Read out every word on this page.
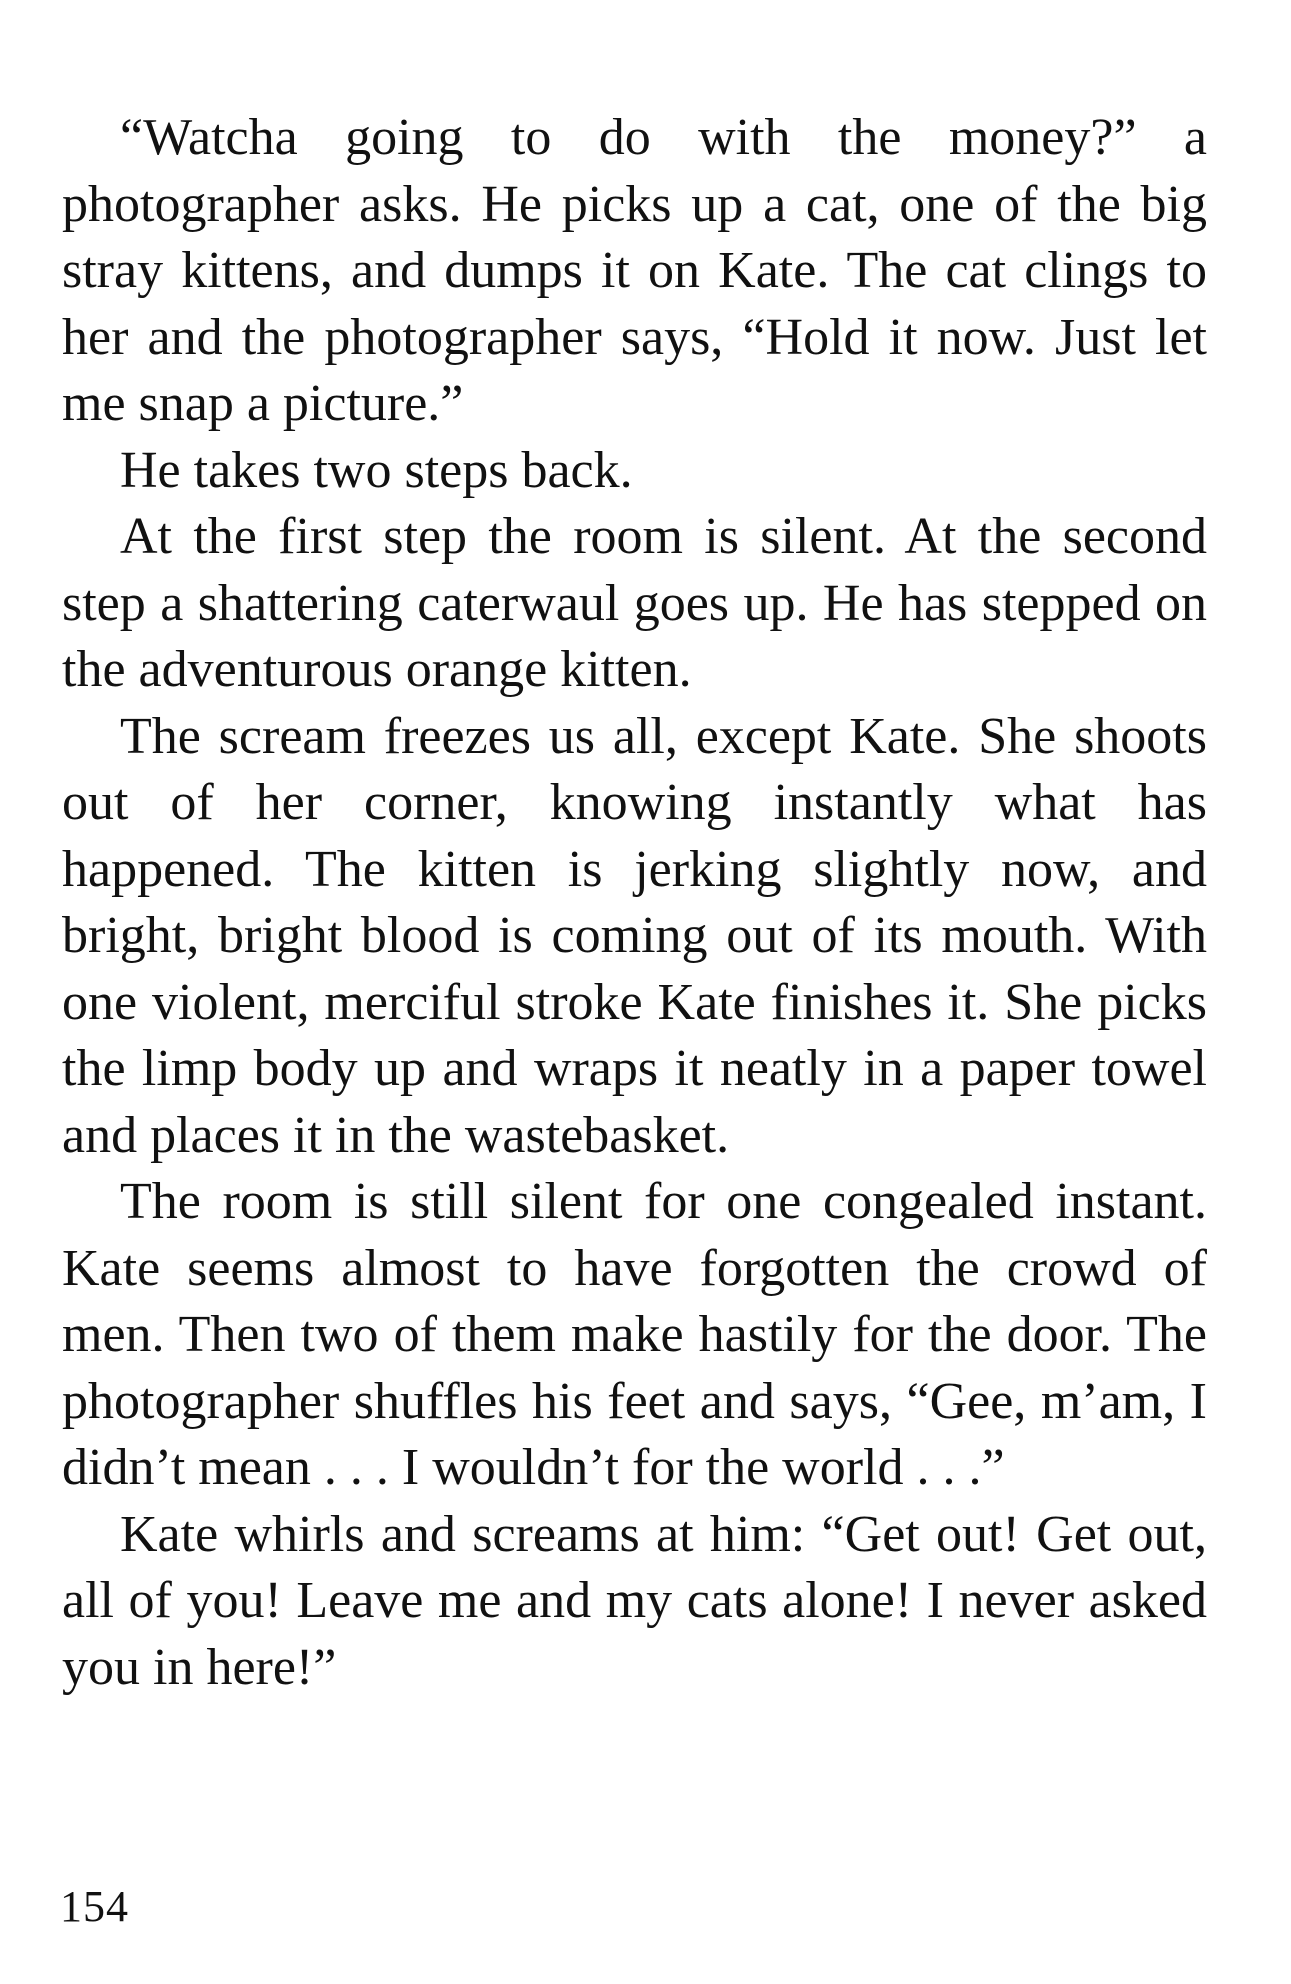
“Watcha going to do with the money?” a photographer asks. He picks up a cat, one of the big stray kittens, and dumps it on Kate. The cat clings to her and the photographer says, “Hold it now. Just let me snap a picture.”

He takes two steps back.

At the first step the room is silent. At the second step a shattering caterwaul goes up. He has stepped on the adventurous orange kitten.

The scream freezes us all, except Kate. She shoots out of her corner, knowing instantly what has happened. The kitten is jerking slightly now, and bright, bright blood is coming out of its mouth. With one violent, merciful stroke Kate finishes it. She picks the limp body up and wraps it neatly in a paper towel and places it in the wastebasket.

The room is still silent for one congealed instant. Kate seems almost to have forgotten the crowd of men. Then two of them make hastily for the door. The photographer shuffles his feet and says, “Gee, m’am, I didn’t mean . . . I wouldn’t for the world . . .”

Kate whirls and screams at him: “Get out! Get out, all of you! Leave me and my cats alone! I never asked you in here!”

154
